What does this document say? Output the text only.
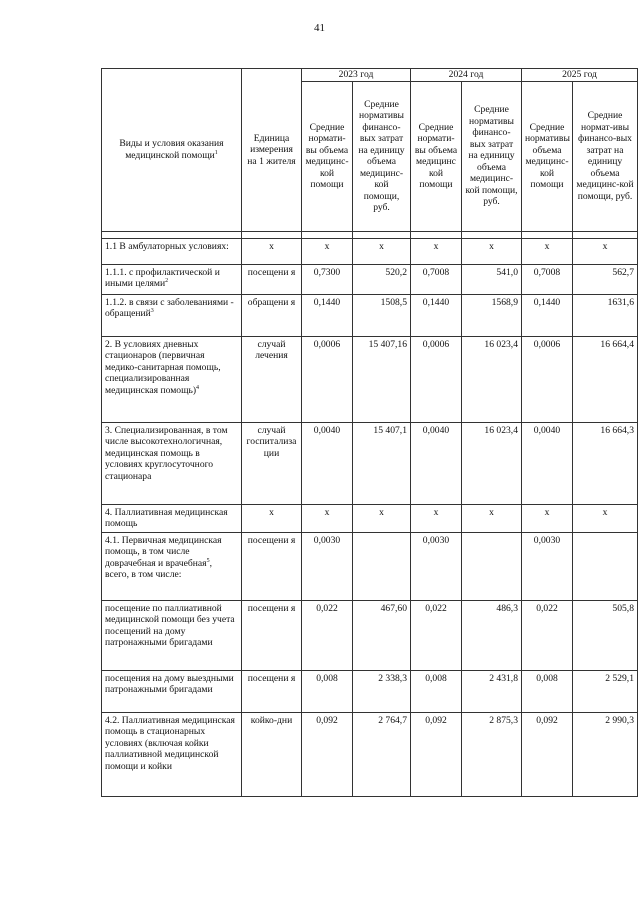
41
Виды и условия оказания медицинской помощи$^1$	Единица измерения на 1 жителя	2023 год		2024 год		2025 год	
		Средние нормати-вы объема медицинс-кой помощи	Средние нормативы финансо-вых затрат на единицу объема медицинс-кой помощи, руб.	Средние нормати-вы объема медицинс кой помощи	Средние нормативы финансо-вых затрат на единицу объема медицинс-кой помощи, руб.	Средние нормативы объема медицинс-кой помощи	Средние нормат-ивы финансо-вых затрат на единицу объема медицинс-кой помощи, руб.

1.1 В амбулаторных условиях:	х	х	х	х	х	х	х
1.1.1. с профилактической и иными целями$^2$	посещени я	0,7300	520,2	0,7008	541,0	0,7008	562,7
1.1.2. в связи с заболеваниями - обращений$^3$	обращени я	0,1440	1508,5	0,1440	1568,9	0,1440	1631,6
2. В условиях дневных стационаров (первичная медико-санитарная помощь, специализированная медицинская помощь)$^4$	случай лечения	0,0006	15 407,16	0,0006	16 023,4	0,0006	16 664,4
3. Специализированная, в том числе высокотехнологичная, медицинская помощь в условиях круглосуточного стационара	случай госпитализа ции	0,0040	15 407,1	0,0040	16 023,4	0,0040	16 664,3
4. Паллиативная медицинская помощь	х	х	х	х	х	х	х
4.1. Первичная медицинская помощь, в том числе доврачебная и врачебная$^5$, всего, в том числе:	посещени я	0,0030		0,0030		0,0030	
посещение по паллиативной медицинской помощи без учета посещений на дому патронажными бригадами	посещени я	0,022	467,60	0,022	486,3	0,022	505,8
посещения на дому выездными патронажными бригадами	посещени я	0,008	2 338,3	0,008	2 431,8	0,008	2 529,1
4.2. Паллиативная медицинская помощь в стационарных условиях (включая койки паллиативной медицинской помощи и койки	койко-дни	0,092	2 764,7	0,092	2 875,3	0,092	2 990,3
